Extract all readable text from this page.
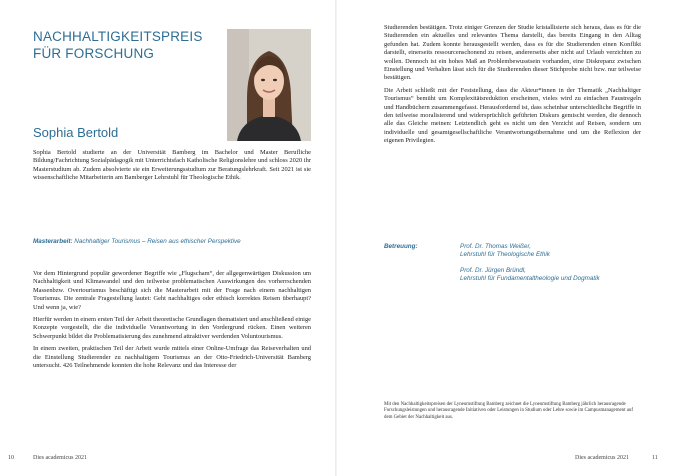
NACHHALTIGKEITSPREIS
FÜR FORSCHUNG
Sophia Bertold

Sophia Bertold studierte an der Universität Bamberg im Bachelor und Master Berufliche Bildung/Fachrichtung Sozialpädagogik mit Unterrichtsfach Katholische Religionslehre und schloss 2020 ihr Masterstudium ab. Zudem absolvierte sie ein Erweiterungsstudium zur Beratungslehrkraft. Seit 2021 ist sie wissenschaftliche Mitarbeiterin am Bamberger Lehrstuhl für Theologische Ethik.

Masterarbeit: Nachhaltiger Tourismus – Reisen aus ethischer Perspektive

Vor dem Hintergrund populär gewordener Begriffe wie „Flugscham“, der allgegenwärtigen Diskussion um Nachhaltigkeit und Klimawandel und den teilweise problematischen Auswirkungen des vorherrschenden Massenbzw. Overtourismus beschäftigt sich die Masterarbeit mit der Frage nach einem nachhaltigen Tourismus. Die zentrale Fragestellung lautet: Geht nachhaltiges oder ethisch korrektes Reisen überhaupt? Und wenn ja, wie?

Hierfür werden in einem ersten Teil der Arbeit theoretische Grundlagen thematisiert und anschließend einige Konzepte vorgestellt, die die individuelle Verantwortung in den Vordergrund rücken. Einen weiteren Schwerpunkt bildet die Problematisierung des zunehmend attraktiver werdenden Voluntourismus.

In einem zweiten, praktischen Teil der Arbeit wurde mittels einer Online-Umfrage das Reiseverhalten und die Einstellung Studierender zu nachhaltigem Tourismus an der Otto-Friedrich-Universität Bamberg untersucht. 426 Teilnehmende konnten die hohe Relevanz und das Interesse der

10	Dies academicus 2021

Studierenden bestätigen. Trotz einiger Grenzen der Studie kristallisierte sich heraus, dass es für die Studierenden ein aktuelles und relevantes Thema darstellt, das bereits Eingang in den Alltag gefunden hat. Zudem konnte herausgestellt werden, dass es für die Studierenden einen Konflikt darstellt, einerseits ressourcenschonend zu reisen, andererseits aber nicht auf Urlaub verzichten zu wollen. Dennoch ist ein hohes Maß an Problembewusstsein vorhanden, eine Diskrepanz zwischen Einstellung und Verhalten lässt sich für die Studierenden dieser Stichprobe nicht bzw. nur teilweise bestätigen.

Die Arbeit schließt mit der Feststellung, dass die Akteur*innen in der Thematik „Nachhaltiger Tourismus“ bemüht um Komplexitätsreduktion erscheinen, vieles wird zu einfachen Faustregeln und Handbüchern zusammengefasst. Herausfordernd ist, dass scheinbar unterschiedliche Begriffe in den teilweise moralisierend und widersprüchlich geführten Diskurs gemischt werden, die dennoch alle das Gleiche meinen: Letztendlich geht es nicht um den Verzicht auf Reisen, sondern um individuelle und gesamtgesellschaftliche Verantwortungsübernahme und um die Reflexion der eigenen Privilegien.

Betreuung:	Prof. Dr. Thomas Weißer,
Lehrstuhl für Theologische Ethik
Prof. Dr. Jürgen Bründl,
Lehrstuhl für Fundamentaltheologie und Dogmatik

Mit den Nachhaltigkeitspreisen der Lyneumstiftung Bamberg zeichnet die Lyneumstiftung Bamberg jährlich herausragende Forschungsleistungen und herausragende Initiativen oder Leistungen in Studium oder Lehre sowie im Campusmanagement auf dem Gebiet der Nachhaltigkeit aus.

Dies academicus 2021	11
